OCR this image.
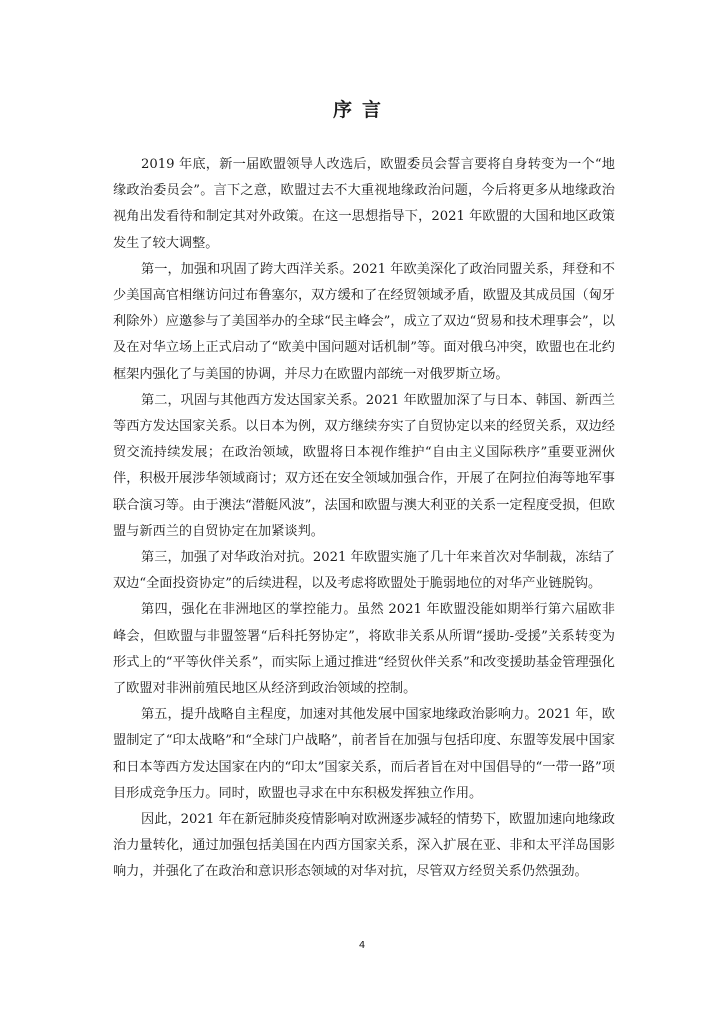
序言

2019 年底，新一届欧盟领导人改选后，欧盟委员会誓言要将自身转变为一个“地缘政治委员会”。言下之意，欧盟过去不大重视地缘政治问题，今后将更多从地缘政治视角出发看待和制定其对外政策。在这一思想指导下，2021 年欧盟的大国和地区政策发生了较大调整。

第一，加强和巩固了跨大西洋关系。2021 年欧美深化了政治同盟关系，拜登和不少美国高官相继访问过布鲁塞尔，双方缓和了在经贸领域矛盾，欧盟及其成员国（匈牙利除外）应邀参与了美国举办的全球“民主峰会”，成立了双边“贸易和技术理事会”，以及在对华立场上正式启动了“欧美中国问题对话机制”等。面对俄乌冲突，欧盟也在北约框架内强化了与美国的协调，并尽力在欧盟内部统一对俄罗斯立场。

第二，巩固与其他西方发达国家关系。2021 年欧盟加深了与日本、韩国、新西兰等西方发达国家关系。以日本为例，双方继续夯实了自贸协定以来的经贸关系，双边经贸交流持续发展；在政治领域，欧盟将日本视作维护“自由主义国际秩序”重要亚洲伙伴，积极开展涉华领域商讨；双方还在安全领域加强合作，开展了在阿拉伯海等地军事联合演习等。由于澳法“潜艇风波”，法国和欧盟与澳大利亚的关系一定程度受损，但欧盟与新西兰的自贸协定在加紧谈判。

第三，加强了对华政治对抗。2021 年欧盟实施了几十年来首次对华制裁，冻结了双边“全面投资协定”的后续进程，以及考虑将欧盟处于脆弱地位的对华产业链脱钩。

第四，强化在非洲地区的掌控能力。虽然 2021 年欧盟没能如期举行第六届欧非峰会，但欧盟与非盟签署“后科托努协定”，将欧非关系从所谓“援助-受援”关系转变为形式上的“平等伙伴关系”，而实际上通过推进“经贸伙伴关系”和改变援助基金管理强化了欧盟对非洲前殖民地区从经济到政治领域的控制。

第五，提升战略自主程度，加速对其他发展中国家地缘政治影响力。2021 年，欧盟制定了“印太战略”和“全球门户战略”，前者旨在加强与包括印度、东盟等发展中国家和日本等西方发达国家在内的“印太”国家关系，而后者旨在对中国倡导的“一带一路”项目形成竞争压力。同时，欧盟也寻求在中东积极发挥独立作用。

因此，2021 年在新冠肺炎疫情影响对欧洲逐步减轻的情势下，欧盟加速向地缘政治力量转化，通过加强包括美国在内西方国家关系，深入扩展在亚、非和太平洋岛国影响力，并强化了在政治和意识形态领域的对华对抗，尽管双方经贸关系仍然强劲。

4
